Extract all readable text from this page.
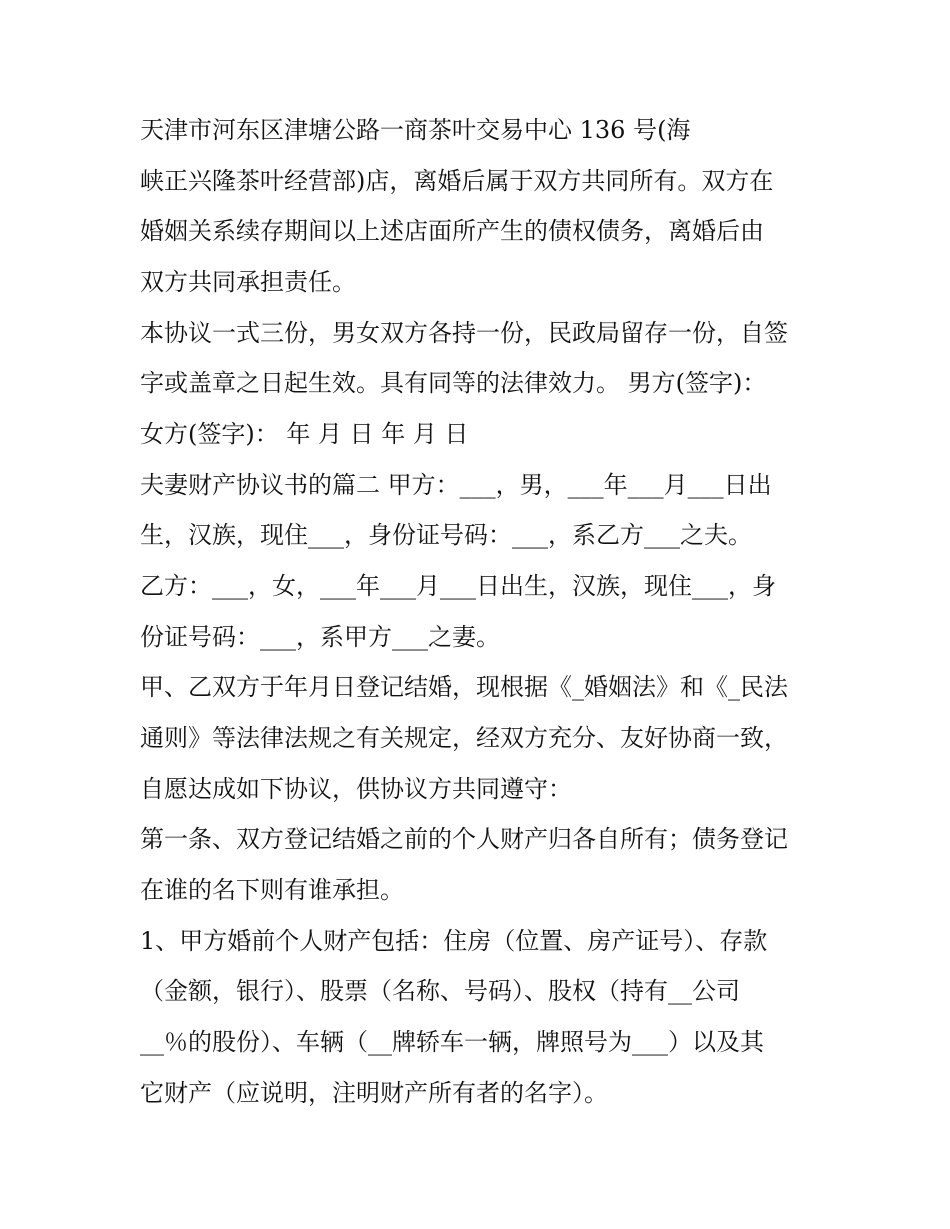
天津市河东区津塘公路一商茶叶交易中心 136 号(海
峡正兴隆茶叶经营部)店，离婚后属于双方共同所有。双方在
婚姻关系续存期间以上述店面所产生的债权债务，离婚后由
双方共同承担责任。
本协议一式三份，男女双方各持一份，民政局留存一份，自签
字或盖章之日起生效。具有同等的法律效力。 男方(签字)：
女方(签字)： 年 月 日 年 月 日
夫妻财产协议书的篇二 甲方：___，男，___年___月___日出
生，汉族，现住___，身份证号码：___，系乙方___之夫。
乙方：___，女，___年___月___日出生，汉族，现住___，身
份证号码：___，系甲方___之妻。
甲、乙双方于年月日登记结婚，现根据《_婚姻法》和《_民法
通则》等法律法规之有关规定，经双方充分、友好协商一致，
自愿达成如下协议，供协议方共同遵守：
第一条、双方登记结婚之前的个人财产归各自所有；债务登记
在谁的名下则有谁承担。
1、甲方婚前个人财产包括：住房（位置、房产证号）、存款
（金额，银行）、股票（名称、号码）、股权（持有__公司
__％的股份）、车辆（__牌轿车一辆，牌照号为___）以及其
它财产（应说明，注明财产所有者的名字）。
